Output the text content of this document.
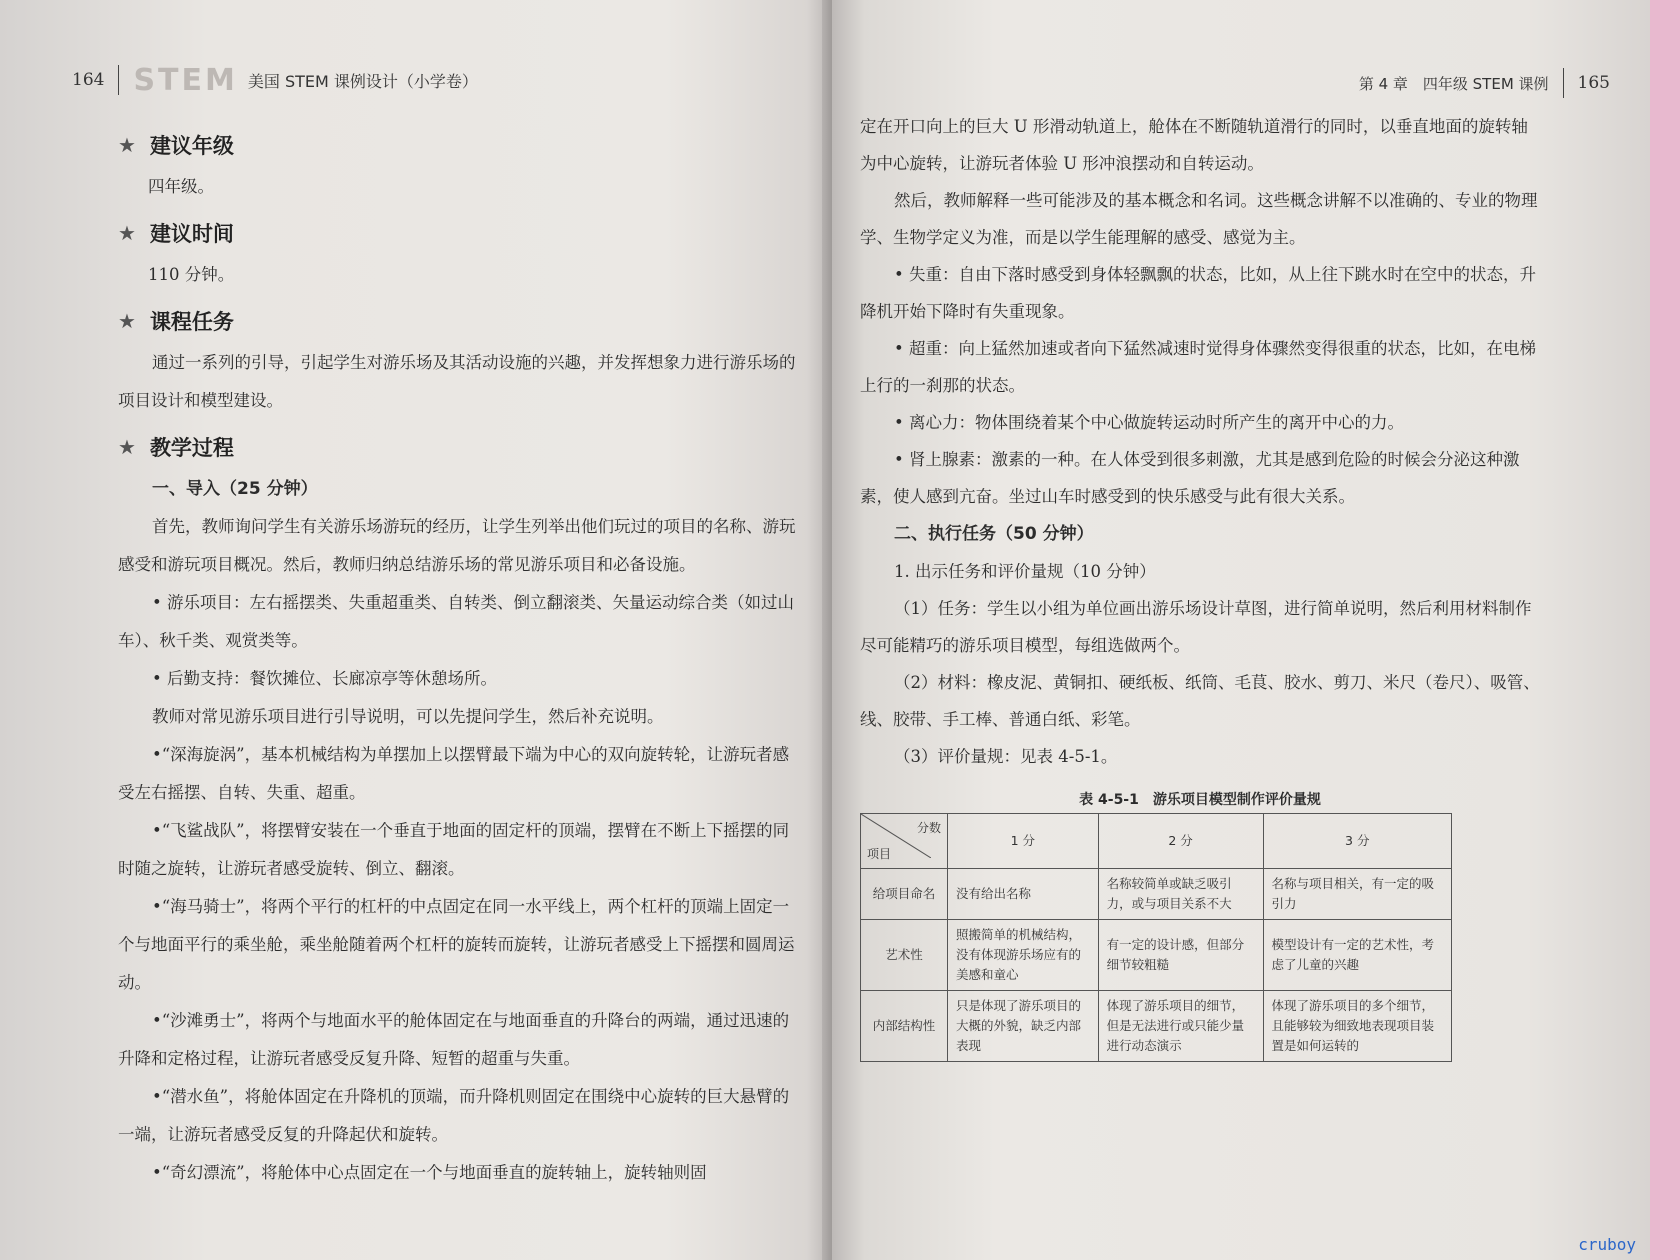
164 STEM 美国 STEM 课例设计（小学卷）
★ 建议年级

四年级。

★ 建议时间

110 分钟。

★ 课程任务

通过一系列的引导，引起学生对游乐场及其活动设施的兴趣，并发挥想象力进行游乐场的项目设计和模型建设。

★ 教学过程
一、导入（25 分钟）

首先，教师询问学生有关游乐场游玩的经历，让学生列举出他们玩过的项目的名称、游玩感受和游玩项目概况。然后，教师归纳总结游乐场的常见游乐项目和必备设施。

• 游乐项目：左右摇摆类、失重超重类、自转类、倒立翻滚类、矢量运动综合类（如过山车）、秋千类、观赏类等。

• 后勤支持：餐饮摊位、长廊凉亭等休憩场所。

教师对常见游乐项目进行引导说明，可以先提问学生，然后补充说明。

•“深海旋涡”，基本机械结构为单摆加上以摆臂最下端为中心的双向旋转轮，让游玩者感受左右摇摆、自转、失重、超重。

•“飞鲨战队”，将摆臂安装在一个垂直于地面的固定杆的顶端，摆臂在不断上下摇摆的同时随之旋转，让游玩者感受旋转、倒立、翻滚。

•“海马骑士”，将两个平行的杠杆的中点固定在同一水平线上，两个杠杆的顶端上固定一个与地面平行的乘坐舱，乘坐舱随着两个杠杆的旋转而旋转，让游玩者感受上下摇摆和圆周运动。

•“沙滩勇士”，将两个与地面水平的舱体固定在与地面垂直的升降台的两端，通过迅速的升降和定格过程，让游玩者感受反复升降、短暂的超重与失重。

•“潜水鱼”，将舱体固定在升降机的顶端，而升降机则固定在围绕中心旋转的巨大悬臂的一端，让游玩者感受反复的升降起伏和旋转。

•“奇幻漂流”，将舱体中心点固定在一个与地面垂直的旋转轴上，旋转轴则固

第 4 章　四年级 STEM 课例 165

定在开口向上的巨大 U 形滑动轨道上，舱体在不断随轨道滑行的同时，以垂直地面的旋转轴为中心旋转，让游玩者体验 U 形冲浪摆动和自转运动。

然后，教师解释一些可能涉及的基本概念和名词。这些概念讲解不以准确的、专业的物理学、生物学定义为准，而是以学生能理解的感受、感觉为主。

• 失重：自由下落时感受到身体轻飘飘的状态，比如，从上往下跳水时在空中的状态，升降机开始下降时有失重现象。

• 超重：向上猛然加速或者向下猛然减速时觉得身体骤然变得很重的状态，比如，在电梯上行的一刹那的状态。

• 离心力：物体围绕着某个中心做旋转运动时所产生的离开中心的力。

• 肾上腺素：激素的一种。在人体受到很多刺激，尤其是感到危险的时候会分泌这种激素，使人感到亢奋。坐过山车时感受到的快乐感受与此有很大关系。

二、执行任务（50 分钟）

1. 出示任务和评价量规（10 分钟）

（1）任务：学生以小组为单位画出游乐场设计草图，进行简单说明，然后利用材料制作尽可能精巧的游乐项目模型，每组选做两个。

（2）材料：橡皮泥、黄铜扣、硬纸板、纸筒、毛茛、胶水、剪刀、米尺（卷尺）、吸管、线、胶带、手工棒、普通白纸、彩笔。

（3）评价量规：见表 4-5-1。

表 4-5-1　游乐项目模型制作评价量规
分数
项目	1 分	2 分	3 分
给项目命名	没有给出名称	名称较简单或缺乏吸引力，或与项目关系不大	名称与项目相关，有一定的吸引力
艺术性	照搬简单的机械结构，没有体现游乐场应有的美感和童心	有一定的设计感，但部分细节较粗糙	模型设计有一定的艺术性，考虑了儿童的兴趣
内部结构性	只是体现了游乐项目的大概的外貌，缺乏内部表现	体现了游乐项目的细节，但是无法进行或只能少量进行动态演示	体现了游乐项目的多个细节，且能够较为细致地表现项目装置是如何运转的
cruboy
